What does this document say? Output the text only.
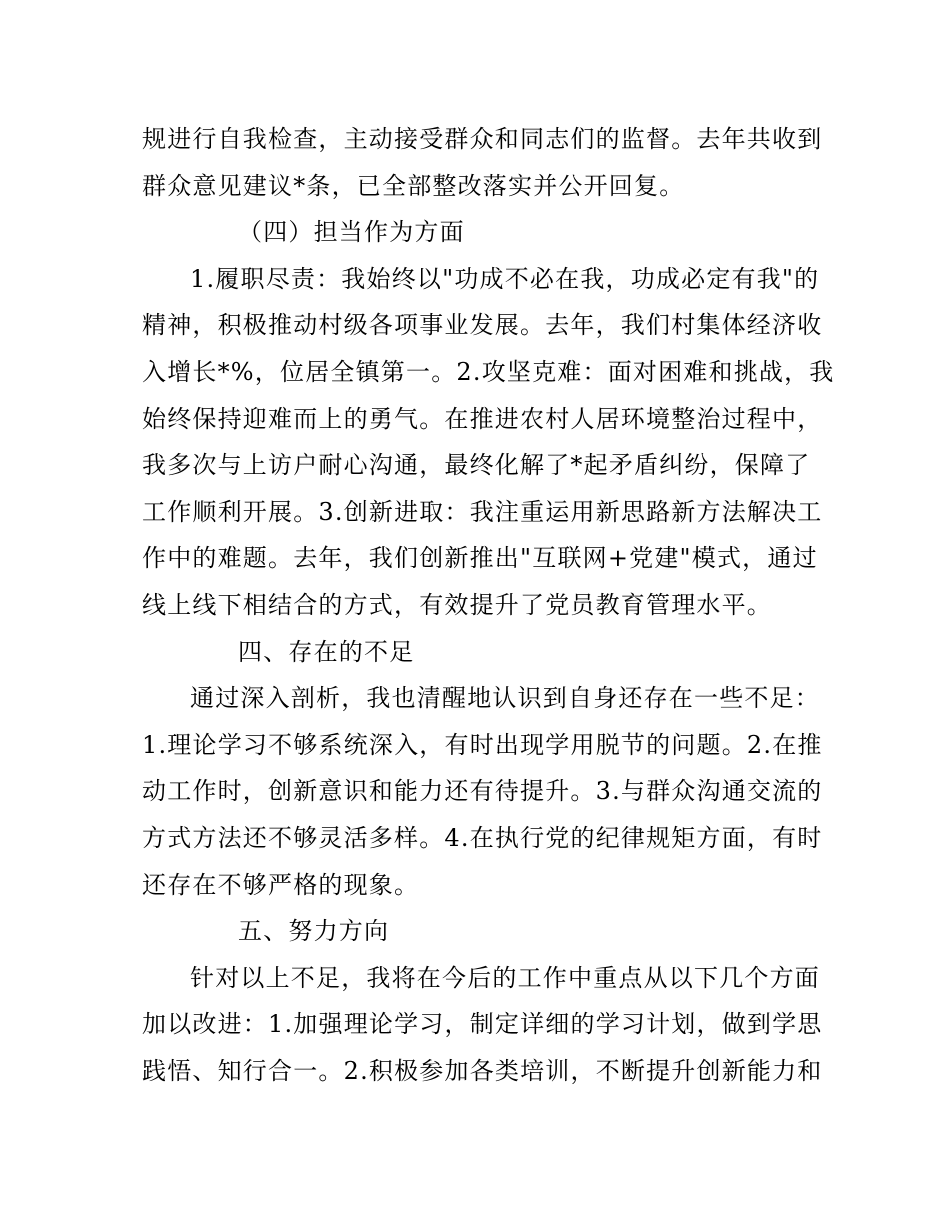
规进行自我检查，主动接受群众和同志们的监督。去年共收到
群众意见建议*条，已全部整改落实并公开回复。
（四）担当作为方面
1.履职尽责：我始终以"功成不必在我，功成必定有我"的
精神，积极推动村级各项事业发展。去年，我们村集体经济收
入增长*%，位居全镇第一。2.攻坚克难：面对困难和挑战，我
始终保持迎难而上的勇气。在推进农村人居环境整治过程中，
我多次与上访户耐心沟通，最终化解了*起矛盾纠纷，保障了
工作顺利开展。3.创新进取：我注重运用新思路新方法解决工
作中的难题。去年，我们创新推出"互联网+党建"模式，通过
线上线下相结合的方式，有效提升了党员教育管理水平。
四、存在的不足
通过深入剖析，我也清醒地认识到自身还存在一些不足：
1.理论学习不够系统深入，有时出现学用脱节的问题。2.在推
动工作时，创新意识和能力还有待提升。3.与群众沟通交流的
方式方法还不够灵活多样。4.在执行党的纪律规矩方面，有时
还存在不够严格的现象。
五、努力方向
针对以上不足，我将在今后的工作中重点从以下几个方面
加以改进：1.加强理论学习，制定详细的学习计划，做到学思
践悟、知行合一。2.积极参加各类培训，不断提升创新能力和
